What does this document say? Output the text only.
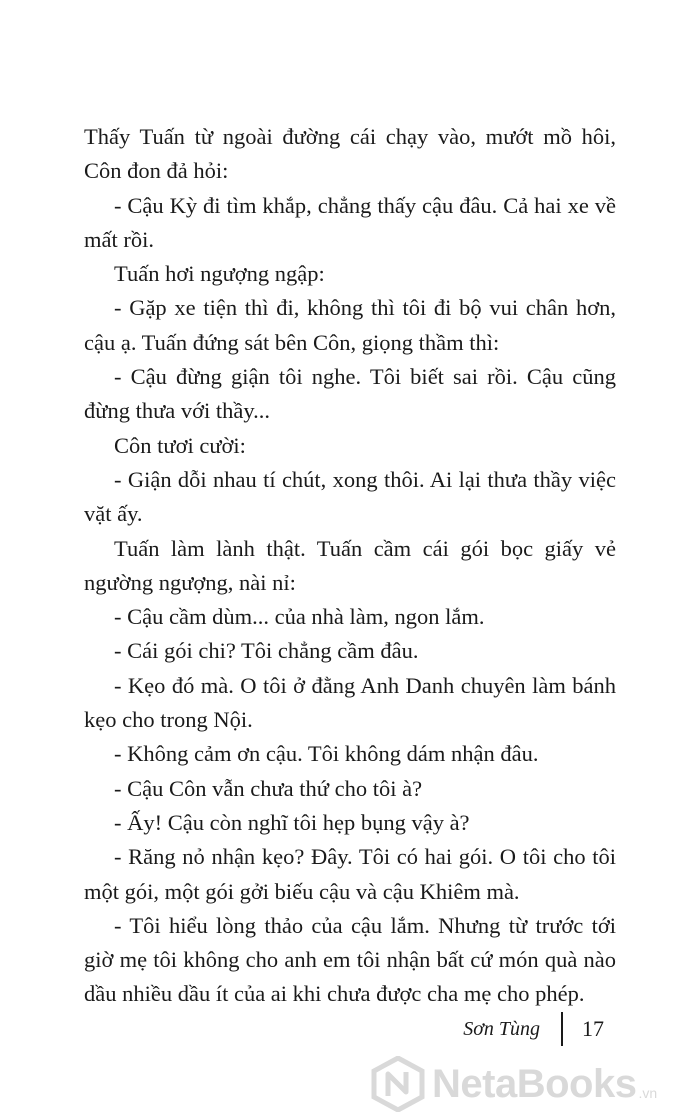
Thấy Tuấn từ ngoài đường cái chạy vào, mướt mồ hôi, Côn đon đả hỏi:

- Cậu Kỳ đi tìm khắp, chẳng thấy cậu đâu. Cả hai xe về mất rồi.

Tuấn hơi ngượng ngập:

- Gặp xe tiện thì đi, không thì tôi đi bộ vui chân hơn, cậu ạ. Tuấn đứng sát bên Côn, giọng thầm thì:

- Cậu đừng giận tôi nghe. Tôi biết sai rồi. Cậu cũng đừng thưa với thầy...

Côn tươi cười:

- Giận dỗi nhau tí chút, xong thôi. Ai lại thưa thầy việc vặt ấy.

Tuấn làm lành thật. Tuấn cầm cái gói bọc giấy vẻ ngường ngượng, nài nỉ:

- Cậu cầm dùm... của nhà làm, ngon lắm.

- Cái gói chi? Tôi chẳng cầm đâu.

- Kẹo đó mà. O tôi ở đằng Anh Danh chuyên làm bánh kẹo cho trong Nội.

- Không cảm ơn cậu. Tôi không dám nhận đâu.

- Cậu Côn vẫn chưa thứ cho tôi à?

- Ấy! Cậu còn nghĩ tôi hẹp bụng vậy à?

- Răng nỏ nhận kẹo? Đây. Tôi có hai gói. O tôi cho tôi một gói, một gói gởi biếu cậu và cậu Khiêm mà.

- Tôi hiểu lòng thảo của cậu lắm. Nhưng từ trước tới giờ mẹ tôi không cho anh em tôi nhận bất cứ món quà nào dầu nhiều dầu ít của ai khi chưa được cha mẹ cho phép.

Sơn Tùng 17
NetaBooks .vn
